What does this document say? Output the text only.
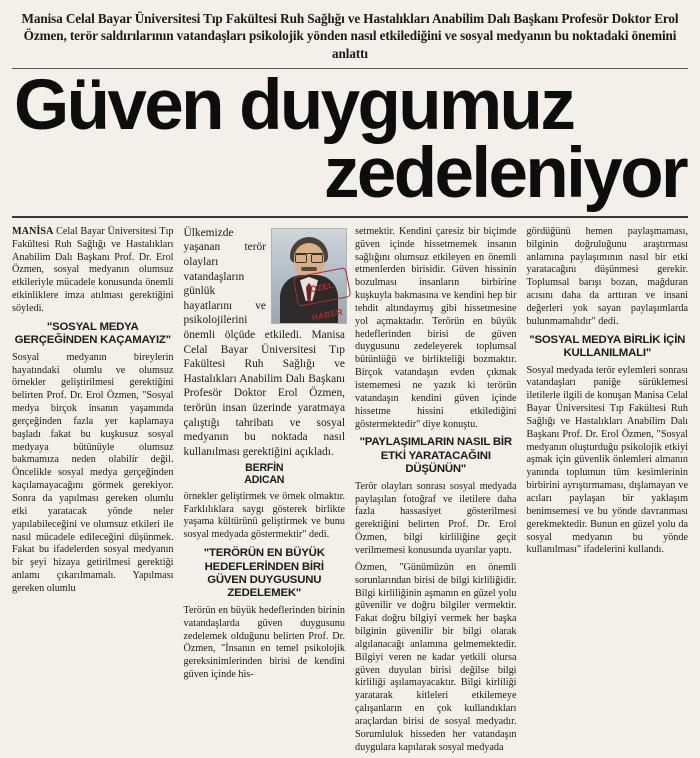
Manisa Celal Bayar Üniversitesi Tıp Fakültesi Ruh Sağlığı ve Hastalıkları Anabilim Dalı Başkanı Profesör Doktor Erol Özmen, terör saldırılarının vatandaşları psikolojik yönden nasıl etkilediğini ve sosyal medyanın bu noktadaki önemini anlattı
Güven duygumuz
zedeleniyor

MANİSA Celal Bayar Üniversitesi Tıp Fakültesi Ruh Sağlığı ve Hastalıkları Anabilim Dalı Başkanı Prof. Dr. Erol Özmen, sosyal medyanın olumsuz etkileriyle mücadele konusunda önemli etkinliklere imza atılması gerektiğini söyledi.

"SOSYAL MEDYA GERÇEĞİNDEN KAÇAMAYIZ"

Sosyal medyanın bireylerin hayatındaki olumlu ve olumsuz örnekler geliştirilmesi gerektiğini belirten Prof. Dr. Erol Özmen, "Sosyal medya birçok insanın yaşamında gerçeğinden fazla yer kaplamaya başladı fakat bu kuşkusuz sosyal medyaya bütünüyle olumsuz bakmamıza neden olabilir değil. Öncelikle sosyal medya gerçeğinden kaçılamayacağını görmek gerekiyor. Sonra da yapılması gereken olumlu etki yaratacak yönde neler yapılabileceğini ve olumsuz etkileri ile nasıl mücadele edileceğini düşünmek. Fakat bu ifadelerden sosyal medyanın bir şeyi hizaya getirilmesi gerektiği anlamı çıkarılmamalı. Yapılması gereken olumlu

ÖZEL HABER

Ülkemizde yaşanan terör olayları vatandaşların günlük hayatlarını ve psikolojilerini önemli ölçüde etkiledi. Manisa Celal Bayar Üniversitesi Tıp Fakültesi Ruh Sağlığı ve Hastalıkları Anabilim Dalı Başkanı Profesör Doktor Erol Özmen, terörün insan üzerinde yaratmaya çalıştığı tahribatı ve sosyal medyanın bu noktada nasıl kullanılması gerektiğini açıkladı.

BERFİN
ADICAN

örnekler geliştirmek ve örnek olmaktır. Farklılıklara saygı gösterek birlikte yaşama kültürünü geliştirmek ve bunu sosyal medyada göstermektir" dedi.

"TERÖRÜN EN BÜYÜK HEDEFLERİNDEN BİRİ GÜVEN DUYGUSUNU ZEDELEMEK"

Terörün en büyük hedeflerinden birinin vatandaşlarda güven duygusunu zedelemek olduğunu belirten Prof. Dr. Özmen, "İnsanın en temel psikolojik gereksinimlerinden birisi de kendini güven içinde his-

setmektir. Kendini çaresiz bir biçimde güven içinde hissetmemek insanın sağlığını olumsuz etkileyen en önemli etmenlerden birisidir. Güven hissinin bozulması insanların birbirine kuşkuyla bakmasına ve kendini hep bir tehdit altındaymış gibi hissetmesine yol açmaktadır. Terörün en büyük hedeflerinden birisi de güven duygusunu zedeleyerek toplumsal bütünlüğü ve birlikteliği bozmaktır. Birçok vatandaşın evden çıkmak istememesi ne yazık ki terörün vatandaşın kendini güven içinde hissetme hissini etkilediğini göstermektedir" diye konuştu.

"PAYLAŞIMLARIN NASIL BİR ETKİ YARATACAĞINI DÜŞÜNÜN"

Terör olayları sonrası sosyal medyada paylaşılan fotoğraf ve iletilere daha fazla hassasiyet gösterilmesi gerektiğini belirten Prof. Dr. Erol Özmen, bilgi kirliliğine geçit verilmemesi konusunda uyarılar yaptı.

Özmen, "Günümüzün en önemli sorunlarından birisi de bilgi kirliliğidir. Bilgi kirliliğinin aşmanın en güzel yolu güvenilir ve doğru bilgiler vermektir. Fakat doğru bilgiyi vermek her başka bilginin güvenilir bir bilgi olarak algılanacağı anlamına gelmemektedir. Bilgiyi veren ne kadar yetkili olursa güven duyulan birisi değilse bilgi kirliliği aşılamayacaktır. Bilgi kirliliği yaratarak kitleleri etkilemeye çalışanların en çok kullandıkları araçlardan birisi de sosyal medyadır. Sorumluluk hisseden her vatandaşın duygulara kapılarak sosyal medyada

gördüğünü hemen paylaşmaması, bilginin doğruluğunu araştırması anlamına paylaşımının nasıl bir etki yaratacağını düşünmesi gerekir. Toplumsal barışı bozan, mağduran acısını daha da arttıran ve insani değerleri yok sayan paylaşımlarda bulunmamalıdır" dedi.

"SOSYAL MEDYA BİRLİK İÇİN KULLANILMALI"

Sosyal medyada terör eylemleri sonrası vatandaşları paniğe sürüklemesi iletilerle ilgili de konuşan Manisa Celal Bayar Üniversitesi Tıp Fakültesi Ruh Sağlığı ve Hastalıkları Anabilim Dalı Başkanı Prof. Dr. Erol Özmen, "Sosyal medyanın oluşturduğu psikolojik etkiyi aşmak için güvenlik önlemleri almanın yanında toplumun tüm kesimlerinin birbirini ayrıştırmaması, dışlamayan ve acıları paylaşan bir yaklaşım benimsemesi ve bu yönde davranması gerekmektedir. Bunun en güzel yolu da sosyal medyanın bu yönde kullanılması" ifadelerini kullandı.
